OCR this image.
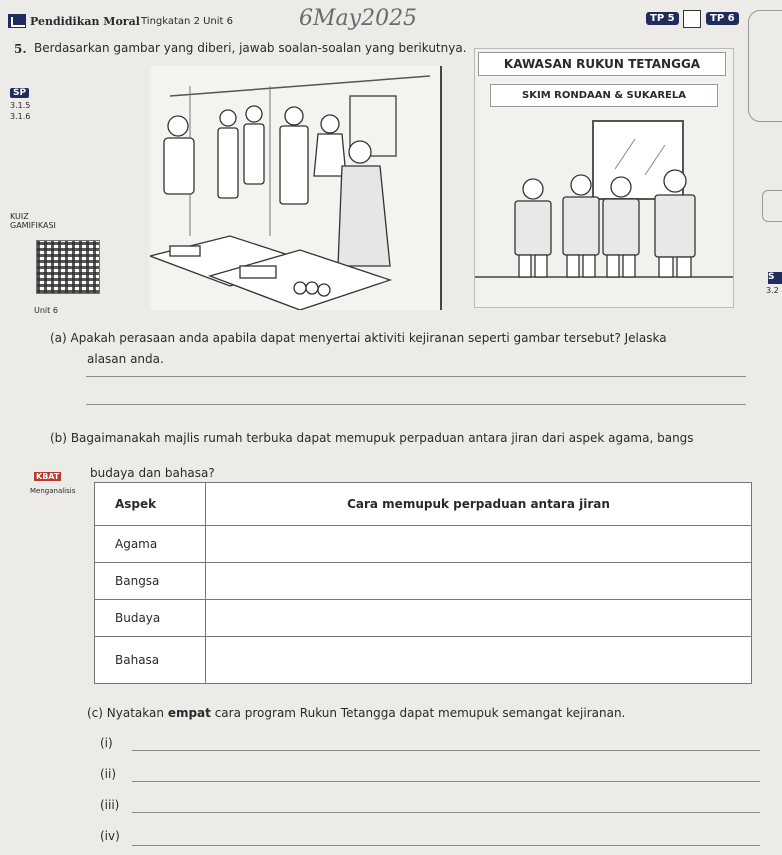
Pendidikan Moral Tingkatan 2 Unit 6	6May2025	TP 5	TP 6
5. Berdasarkan gambar yang diberi, jawab soalan-soalan yang berikutnya.
SP
3.1.5
3.1.6
KUIZ
GAMIFIKASI
Unit 6
KAWASAN RUKUN TETANGGA
SKIM RONDAAN & SUKARELA
S
3.2
(a) Apakah perasaan anda apabila dapat menyertai aktiviti kejiranan seperti gambar tersebut? Jelaska
alasan anda.
(b) Bagaimanakah majlis rumah terbuka dapat memupuk perpaduan antara jiran dari aspek agama, bangs
budaya dan bahasa?
KBAT
Menganalisis
Aspek	Cara memupuk perpaduan antara jiran
Agama	
Bangsa	
Budaya	
Bahasa	
(c) Nyatakan empat cara program Rukun Tetangga dapat memupuk semangat kejiranan.
(i)
(ii)
(iii)
(iv)
